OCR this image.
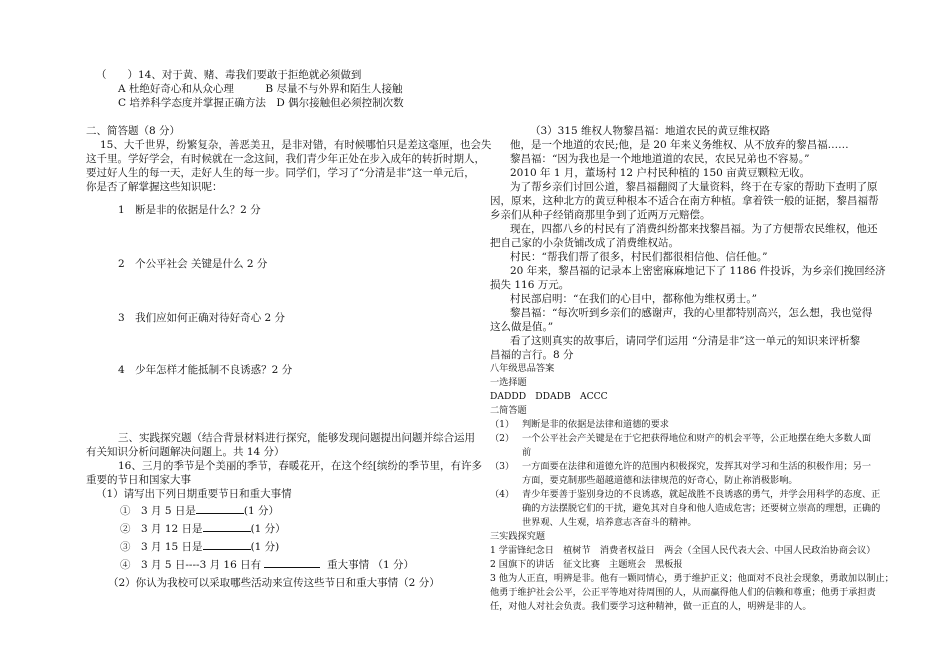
（　　）14、对于黄、赌、毒我们要敢于拒绝就必须做到
A 杜绝好奇心和从众心理　　　B 尽量不与外界和陌生人接触
C 培养科学态度并掌握正确方法　D 偶尔接触但必须控制次数
二、简答题（8 分）
15、大千世界，纷繁复杂，善恶美丑，是非对错，有时候哪怕只是差这毫厘，也会失
这千里。学好学会，有时候就在一念这间，我们青少年正处在步入成年的转折时期人，
要过好人生的每一天，走好人生的每一步。同学们，学习了“分清是非”这一单元后，
你是否了解掌握这些知识呢：
1　断是非的依据是什么？2 分
2　个公平社会 关键是什么 2 分
3　我们应如何正确对待好奇心 2 分
4　少年怎样才能抵制不良诱惑？2 分
三、实践探究题（结合背景材料进行探究，能够发现问题提出问题并综合运用
有关知识分析问题解决问题上。共 14 分）
16、三月的季节是个美丽的季节，春暖花开，在这个经[缤纷的季节里，有许多
重要的节日和国家大事
（1）请写出下列日期重要节日和重大事情
①　 3 月 5 日是	(1 分）
②　 3 月 12 日是	(1 分）
③　 3 月 15 日是	(1 分)
④　 3 月 5 日----3 月 16 日有	重大事情 （1 分）
（2）你认为我校可以采取哪些活动来宣传这些节日和重大事情（2 分）
（3）315 维权人物黎昌福：地道农民的黄豆维权路
他，是一个地道的农民;他，是 20 年来义务维权、从不放弃的黎昌福……
黎昌福：“因为我也是一个地地道道的农民，农民兄弟也不容易。”
2010 年 1 月，董场村 12 户村民种植的 150 亩黄豆颗粒无收。
为了帮乡亲们讨回公道，黎昌福翻阅了大量资料，终于在专家的帮助下查明了原
因，原来，这种北方的黄豆种根本不适合在南方种植。拿着铁一般的证据，黎昌福帮
乡亲们从种子经销商那里争到了近两万元赔偿。
现在，四都八乡的村民有了消费纠纷都来找黎昌福。为了方便帮农民维权，他还
把自己家的小杂货铺改成了消费维权站。
村民：“帮我们帮了很多，村民们都很相信他、信任他。”
20 年来，黎昌福的记录本上密密麻麻地记下了 1186 件投诉，为乡亲们挽回经济
损失 116 万元。
村民部启明：“在我们的心目中，都称他为维权勇士。”
黎昌福：“每次听到乡亲们的感谢声，我的心里都特别高兴，怎么想，我也觉得
这么做是值。”
看了这则真实的故事后，请同学们运用 “分清是非”这一单元的知识来评析黎
昌福的言行。8 分
八年级思品答案
一选择题
DADDD　DDADB　ACCC
二简答题
（1） 判断是非的依据是法律和道德的要求
（2） 一个公平社会产关键是在于它把获得地位和财产的机会平等，公正地摆在绝大多数人面
前
（3） 一方面要在法律和道德允许的范围内积极探究，发挥其对学习和生活的积极作用；另一
方面，要克制那些超越道德和法律规范的好奇心，防止祢消极影响。
（4） 青少年要善于鉴别身边的不良诱惑，就起战胜不良诱惑的勇气，并学会用科学的态度、正
确的方法摆脱它们的干扰，避免其对自身和他人造成危害；还要树立崇高的理想，正确的
世界观、人生观，培养意志吝奋斗的精神。
三实践探究题
1 学雷锋纪念日　植树节　消费者权益日　两会（全国人民代表大会、中国人民政治协商会议）
2 国旗下的讲话　征文比赛　主题班会　黑板报
3 他为人正直，明辨是非。他有一颗同情心，勇于维护正义；他面对不良社会现象，勇敢加以制止；
他勇于维护社会公平，公正平等地对待周围的人，从而赢得他人们的信赖和尊重；他勇于承担责
任，对他人对社会负责。我们要学习这种精神，做一正直的人，明辨是非的人。
